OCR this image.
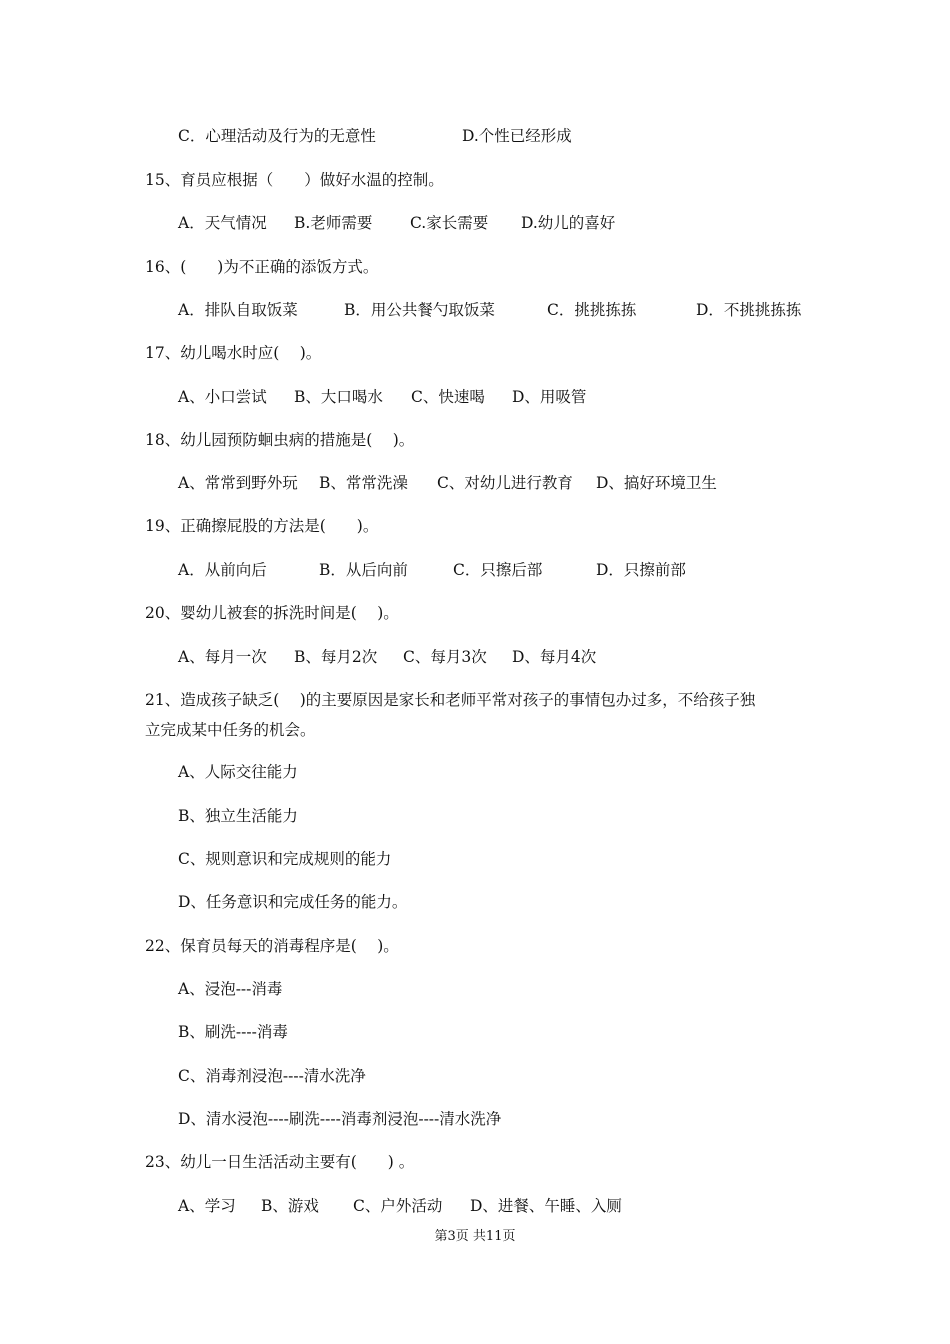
C．心理活动及行为的无意性	D.个性已经形成
15、育员应根据（　　）做好水温的控制。
A．天气情况 B.老师需要 C.家长需要 D.幼儿的喜好
16、(　　)为不正确的添饭方式。
A．排队自取饭菜	B．用公共餐勺取饭菜	C．挑挑拣拣	D．不挑挑拣拣
17、幼儿喝水时应(　 )。
A、小口尝试 B、大口喝水 C、快速喝 D、用吸管
18、幼儿园预防蛔虫病的措施是(　 )。
A、常常到野外玩 B、常常洗澡 C、对幼儿进行教育 D、搞好环境卫生
19、正确擦屁股的方法是(　　)。
A．从前向后	B．从后向前	C．只擦后部	D．只擦前部
20、婴幼儿被套的拆洗时间是(　 )。
A、每月一次 B、每月2次 C、每月3次 D、每月4次
21、造成孩子缺乏(　 )的主要原因是家长和老师平常对孩子的事情包办过多，不给孩子独
立完成某中任务的机会。
A、人际交往能力
B、独立生活能力
C、规则意识和完成规则的能力
D、任务意识和完成任务的能力。
22、保育员每天的消毒程序是(　 )。
A、浸泡---消毒
B、刷洗----消毒
C、消毒剂浸泡----清水洗净
D、清水浸泡----刷洗----消毒剂浸泡----清水洗净
23、幼儿一日生活活动主要有(　　) 。
A、学习 B、游戏 C、户外活动 D、进餐、午睡、入厕
第3页 共11页
